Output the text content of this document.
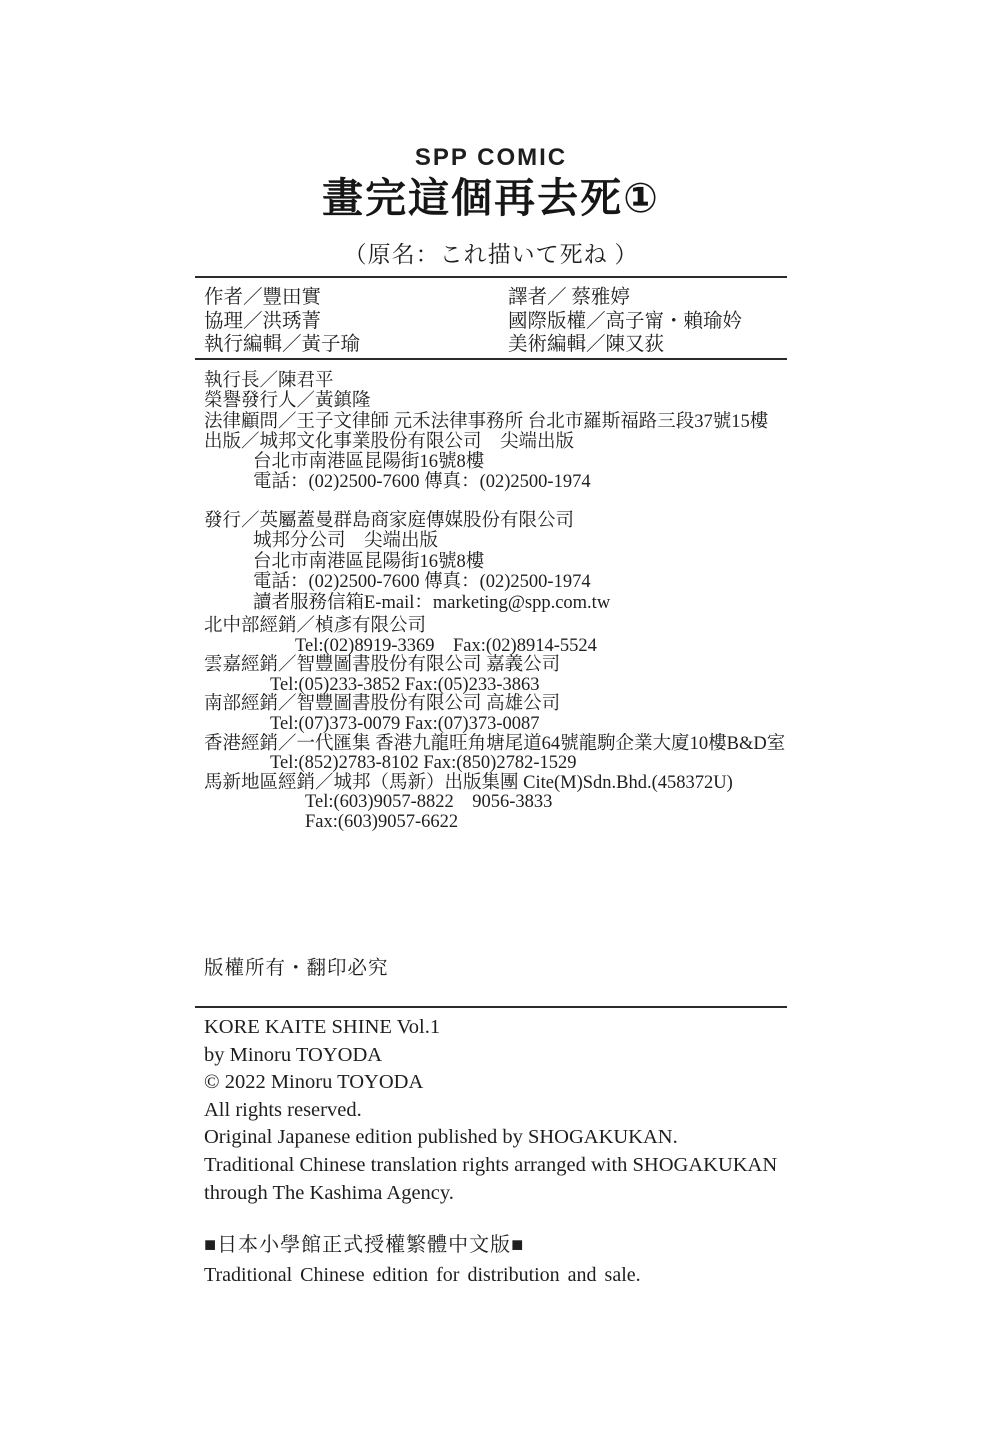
SPP COMIC
畫完這個再去死①
（原名：これ描いて死ね ）
作者／豐田實
協理／洪琇菁
執行編輯／黃子瑜
譯者／ 蔡雅婷
國際版權／高子甯・賴瑜妗
美術編輯／陳又荻
執行長／陳君平
榮譽發行人／黃鎮隆
法律顧問／王子文律師 元禾法律事務所 台北市羅斯福路三段37號15樓
出版／城邦文化事業股份有限公司　尖端出版
台北市南港區昆陽街16號8樓
電話：(02)2500-7600 傳真：(02)2500-1974
發行／英屬蓋曼群島商家庭傳媒股份有限公司
城邦分公司　尖端出版
台北市南港區昆陽街16號8樓
電話：(02)2500-7600 傳真：(02)2500-1974
讀者服務信箱E-mail：marketing@spp.com.tw
北中部經銷／楨彥有限公司
Tel:(02)8919-3369　Fax:(02)8914-5524
雲嘉經銷／智豐圖書股份有限公司 嘉義公司
Tel:(05)233-3852 Fax:(05)233-3863
南部經銷／智豐圖書股份有限公司 高雄公司
Tel:(07)373-0079 Fax:(07)373-0087
香港經銷／一代匯集 香港九龍旺角塘尾道64號龍駒企業大廈10樓B&D室
Tel:(852)2783-8102 Fax:(850)2782-1529
馬新地區經銷／城邦（馬新）出版集團 Cite(M)Sdn.Bhd.(458372U)
Tel:(603)9057-8822　9056-3833
Fax:(603)9057-6622
版權所有・翻印必究
KORE KAITE SHINE Vol.1
by Minoru TOYODA
© 2022 Minoru TOYODA
All rights reserved.
Original Japanese edition published by SHOGAKUKAN.
Traditional Chinese translation rights arranged with SHOGAKUKAN
through The Kashima Agency.
■日本小學館正式授權繁體中文版■
Traditional Chinese edition for distribution and sale.
